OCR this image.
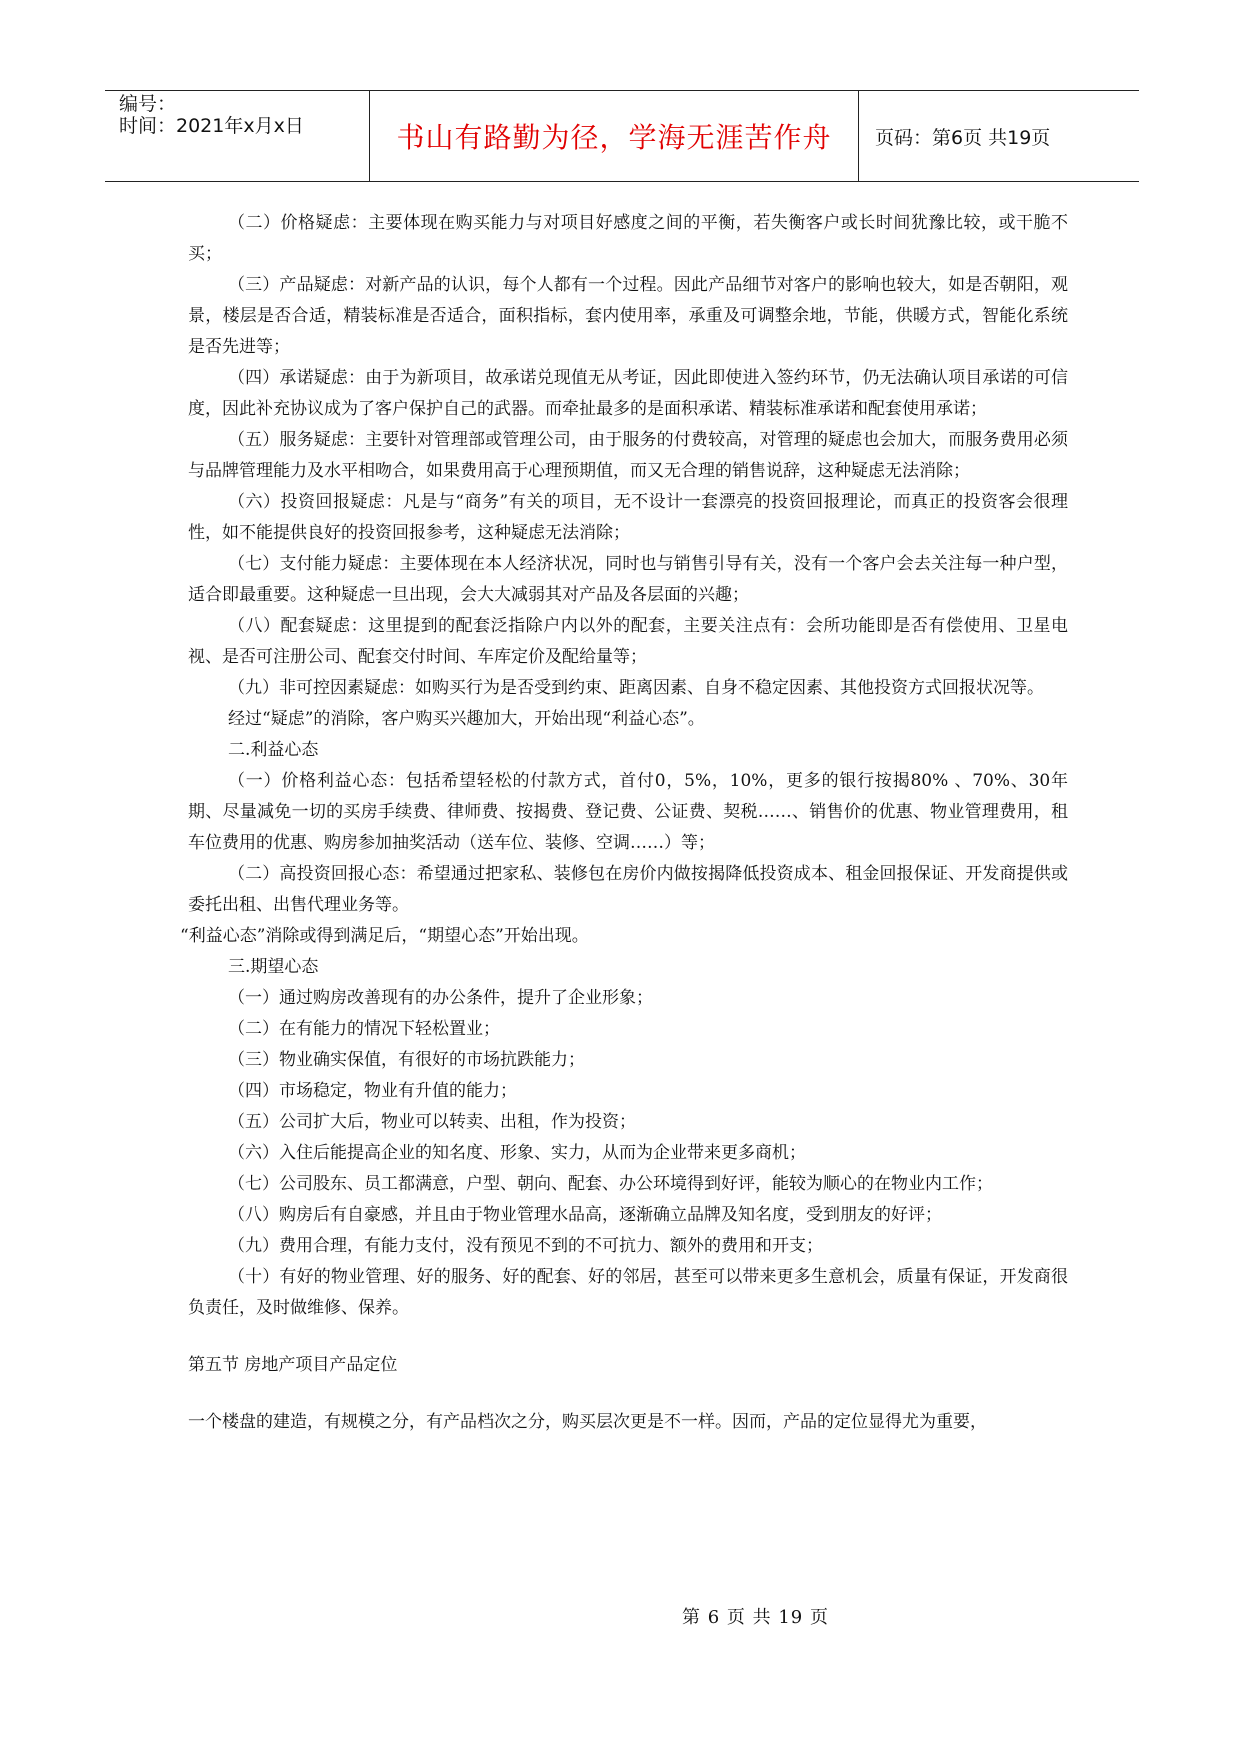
编号：
时间：2021年x月x日	书山有路勤为径，学海无涯苦作舟 页码：第6页 共19页

（二）价格疑虑：主要体现在购买能力与对项目好感度之间的平衡，若失衡客户或长时间犹豫比较，或干脆不买；

（三）产品疑虑：对新产品的认识，每个人都有一个过程。因此产品细节对客户的影响也较大，如是否朝阳，观景，楼层是否合适，精装标准是否适合，面积指标，套内使用率，承重及可调整余地，节能，供暖方式，智能化系统是否先进等；

（四）承诺疑虑：由于为新项目，故承诺兑现值无从考证，因此即使进入签约环节，仍无法确认项目承诺的可信度，因此补充协议成为了客户保护自己的武器。而牵扯最多的是面积承诺、精装标准承诺和配套使用承诺；

（五）服务疑虑：主要针对管理部或管理公司，由于服务的付费较高，对管理的疑虑也会加大，而服务费用必须与品牌管理能力及水平相吻合，如果费用高于心理预期值，而又无合理的销售说辞，这种疑虑无法消除；

（六）投资回报疑虑：凡是与“商务”有关的项目，无不设计一套漂亮的投资回报理论，而真正的投资客会很理性，如不能提供良好的投资回报参考，这种疑虑无法消除；

（七）支付能力疑虑：主要体现在本人经济状况，同时也与销售引导有关，没有一个客户会去关注每一种户型，适合即最重要。这种疑虑一旦出现，会大大减弱其对产品及各层面的兴趣；

（八）配套疑虑：这里提到的配套泛指除户内以外的配套，主要关注点有：会所功能即是否有偿使用、卫星电视、是否可注册公司、配套交付时间、车库定价及配给量等；

（九）非可控因素疑虑：如购买行为是否受到约束、距离因素、自身不稳定因素、其他投资方式回报状况等。

经过“疑虑”的消除，客户购买兴趣加大，开始出现“利益心态”。

二.利益心态

（一）价格利益心态：包括希望轻松的付款方式，首付0，5%，10%，更多的银行按揭80% 、70%、30年期、尽量减免一切的买房手续费、律师费、按揭费、登记费、公证费、契税……、销售价的优惠、物业管理费用，租车位费用的优惠、购房参加抽奖活动（送车位、装修、空调……）等；

（二）高投资回报心态：希望通过把家私、装修包在房价内做按揭降低投资成本、租金回报保证、开发商提供或委托出租、出售代理业务等。

“利益心态”消除或得到满足后，“期望心态”开始出现。

三.期望心态

（一）通过购房改善现有的办公条件，提升了企业形象；

（二）在有能力的情况下轻松置业；

（三）物业确实保值，有很好的市场抗跌能力；

（四）市场稳定，物业有升值的能力；

（五）公司扩大后，物业可以转卖、出租，作为投资；

（六）入住后能提高企业的知名度、形象、实力，从而为企业带来更多商机；

（七）公司股东、员工都满意，户型、朝向、配套、办公环境得到好评，能较为顺心的在物业内工作；

（八）购房后有自豪感，并且由于物业管理水品高，逐渐确立品牌及知名度，受到朋友的好评；

（九）费用合理，有能力支付，没有预见不到的不可抗力、额外的费用和开支；

（十）有好的物业管理、好的服务、好的配套、好的邻居，甚至可以带来更多生意机会，质量有保证，开发商很负责任，及时做维修、保养。

第五节 房地产项目产品定位

一个楼盘的建造，有规模之分，有产品档次之分，购买层次更是不一样。因而，产品的定位显得尤为重要，

第 6 页 共 19 页
